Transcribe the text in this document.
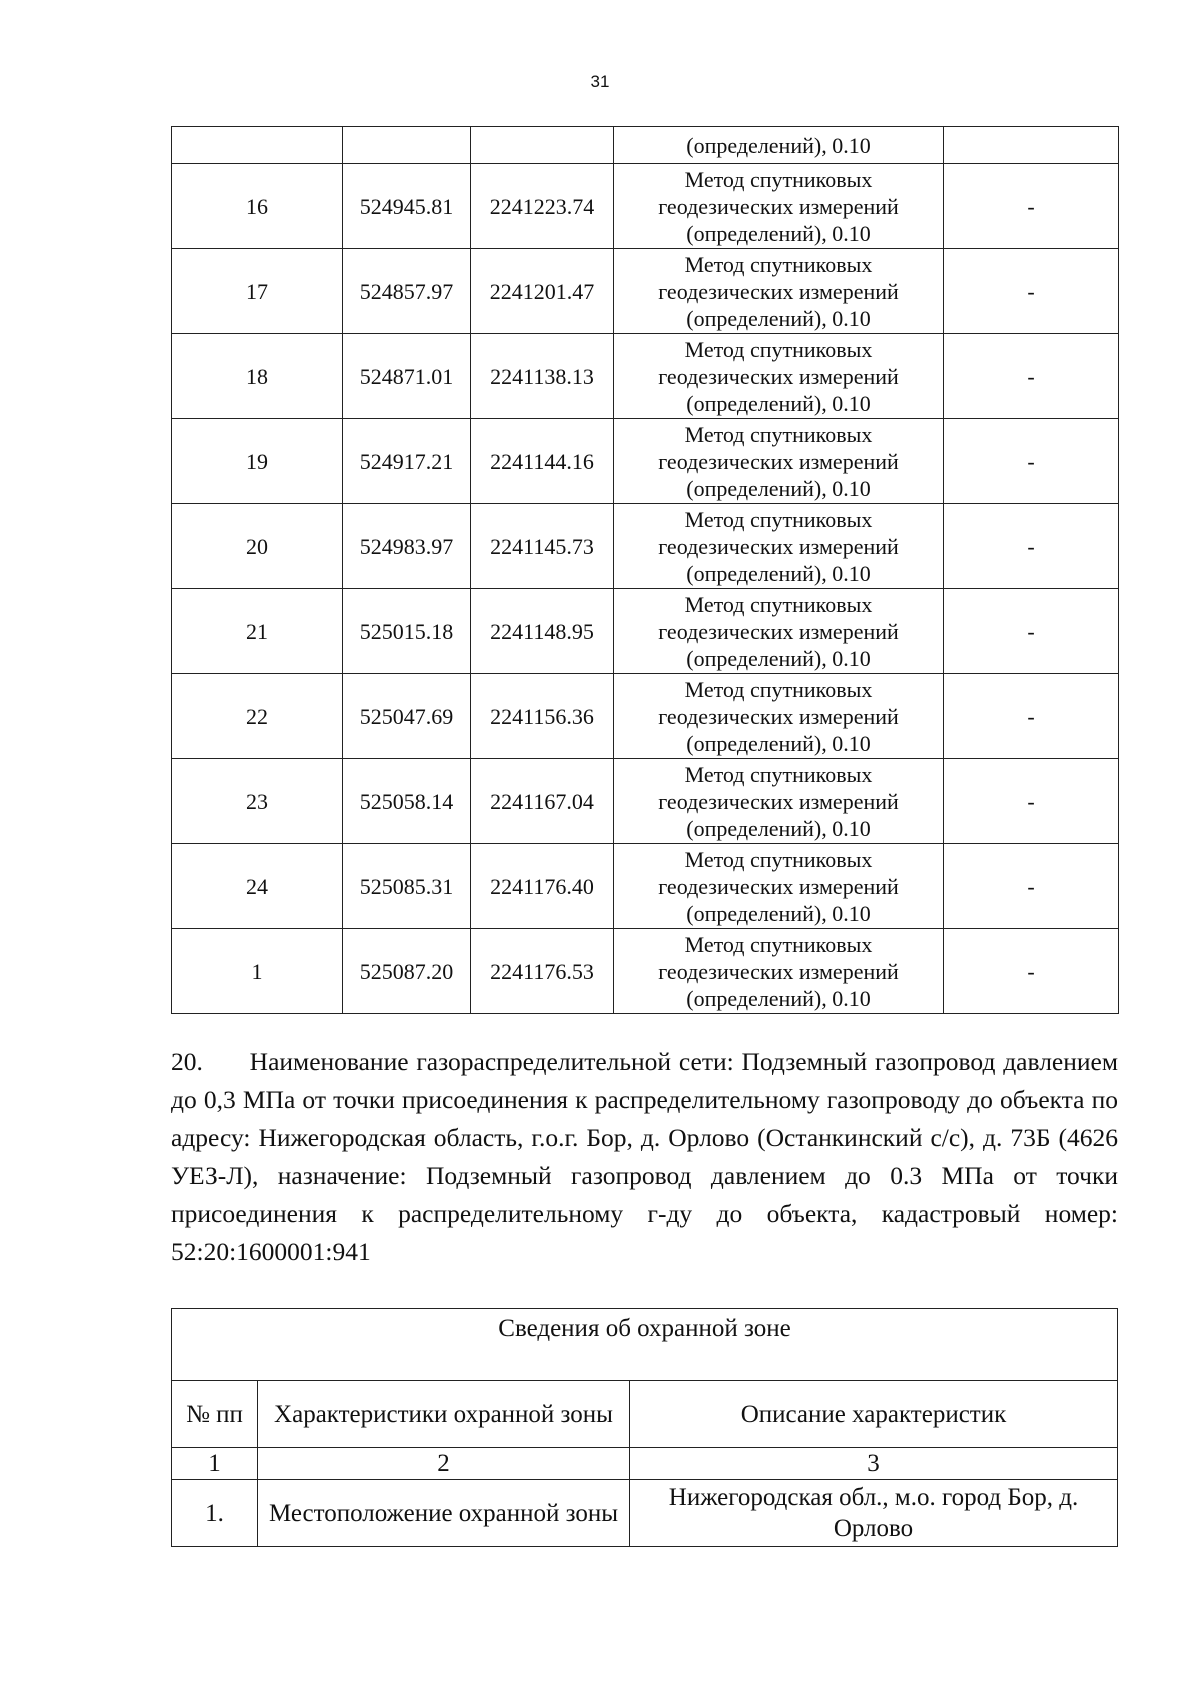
31
			(определений), 0.10	
16	524945.81	2241223.74	Метод спутниковых
геодезических измерений
(определений), 0.10	-
17	524857.97	2241201.47	Метод спутниковых
геодезических измерений
(определений), 0.10	-
18	524871.01	2241138.13	Метод спутниковых
геодезических измерений
(определений), 0.10	-
19	524917.21	2241144.16	Метод спутниковых
геодезических измерений
(определений), 0.10	-
20	524983.97	2241145.73	Метод спутниковых
геодезических измерений
(определений), 0.10	-
21	525015.18	2241148.95	Метод спутниковых
геодезических измерений
(определений), 0.10	-
22	525047.69	2241156.36	Метод спутниковых
геодезических измерений
(определений), 0.10	-
23	525058.14	2241167.04	Метод спутниковых
геодезических измерений
(определений), 0.10	-
24	525085.31	2241176.40	Метод спутниковых
геодезических измерений
(определений), 0.10	-
1	525087.20	2241176.53	Метод спутниковых
геодезических измерений
(определений), 0.10	-
20. Наименование газораспределительной сети: Подземный газопровод давлением до 0,3 МПа от точки присоединения к распределительному газопроводу до объекта по адресу: Нижегородская область, г.о.г. Бор, д. Орлово (Останкинский с/с), д. 73Б (4626 УЕЗ-Л), назначение: Подземный газопровод давлением до 0.3 МПа от точки присоединения к распределительному г-ду до объекта, кадастровый номер: 52:20:1600001:941
Сведения об охранной зоне		
№ пп	Характеристики охранной зоны	Описание характеристик
1	2	3
1.	Местоположение охранной зоны	Нижегородская обл., м.о. город Бор, д. Орлово
